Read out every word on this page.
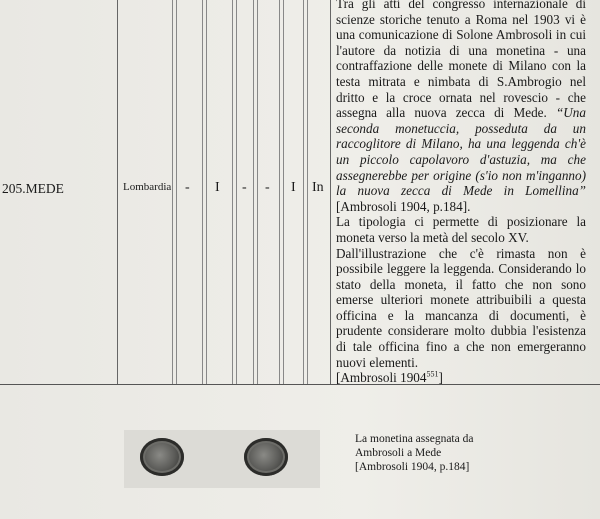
205.MEDE	Lombardia - I - - I In

Tra gli atti del congresso internazionale di scienze storiche tenuto a Roma nel 1903 vi è una comunicazione di Solone Ambrosoli in cui l'autore da notizia di una monetina - una contraffazione delle monete di Milano con la testa mitrata e nimbata di S.Ambrogio nel dritto e la croce ornata nel rovescio - che assegna alla nuova zecca di Mede. “Una seconda monetuccia, posseduta da un raccoglitore di Milano, ha una leggenda ch'è un piccolo capolavoro d'astuzia, ma che assegnerebbe per origine (s'io non m'inganno) la nuova zecca di Mede in Lomellina” [Ambrosoli 1904, p.184].

La tipologia ci permette di posizionare la moneta verso la metà del secolo XV.

Dall'illustrazione che c'è rimasta non è possibile leggere la leggenda. Considerando lo stato della moneta, il fatto che non sono emerse ulteriori monete attribuibili a questa officina e la mancanza di documenti, è prudente considerare molto dubbia l'esistenza di tale officina fino a che non emergeranno nuovi elementi.

[Ambrosoli 1904$^{551}$]

La monetina assegnata da
Ambrosoli a Mede
[Ambrosoli 1904, p.184]
